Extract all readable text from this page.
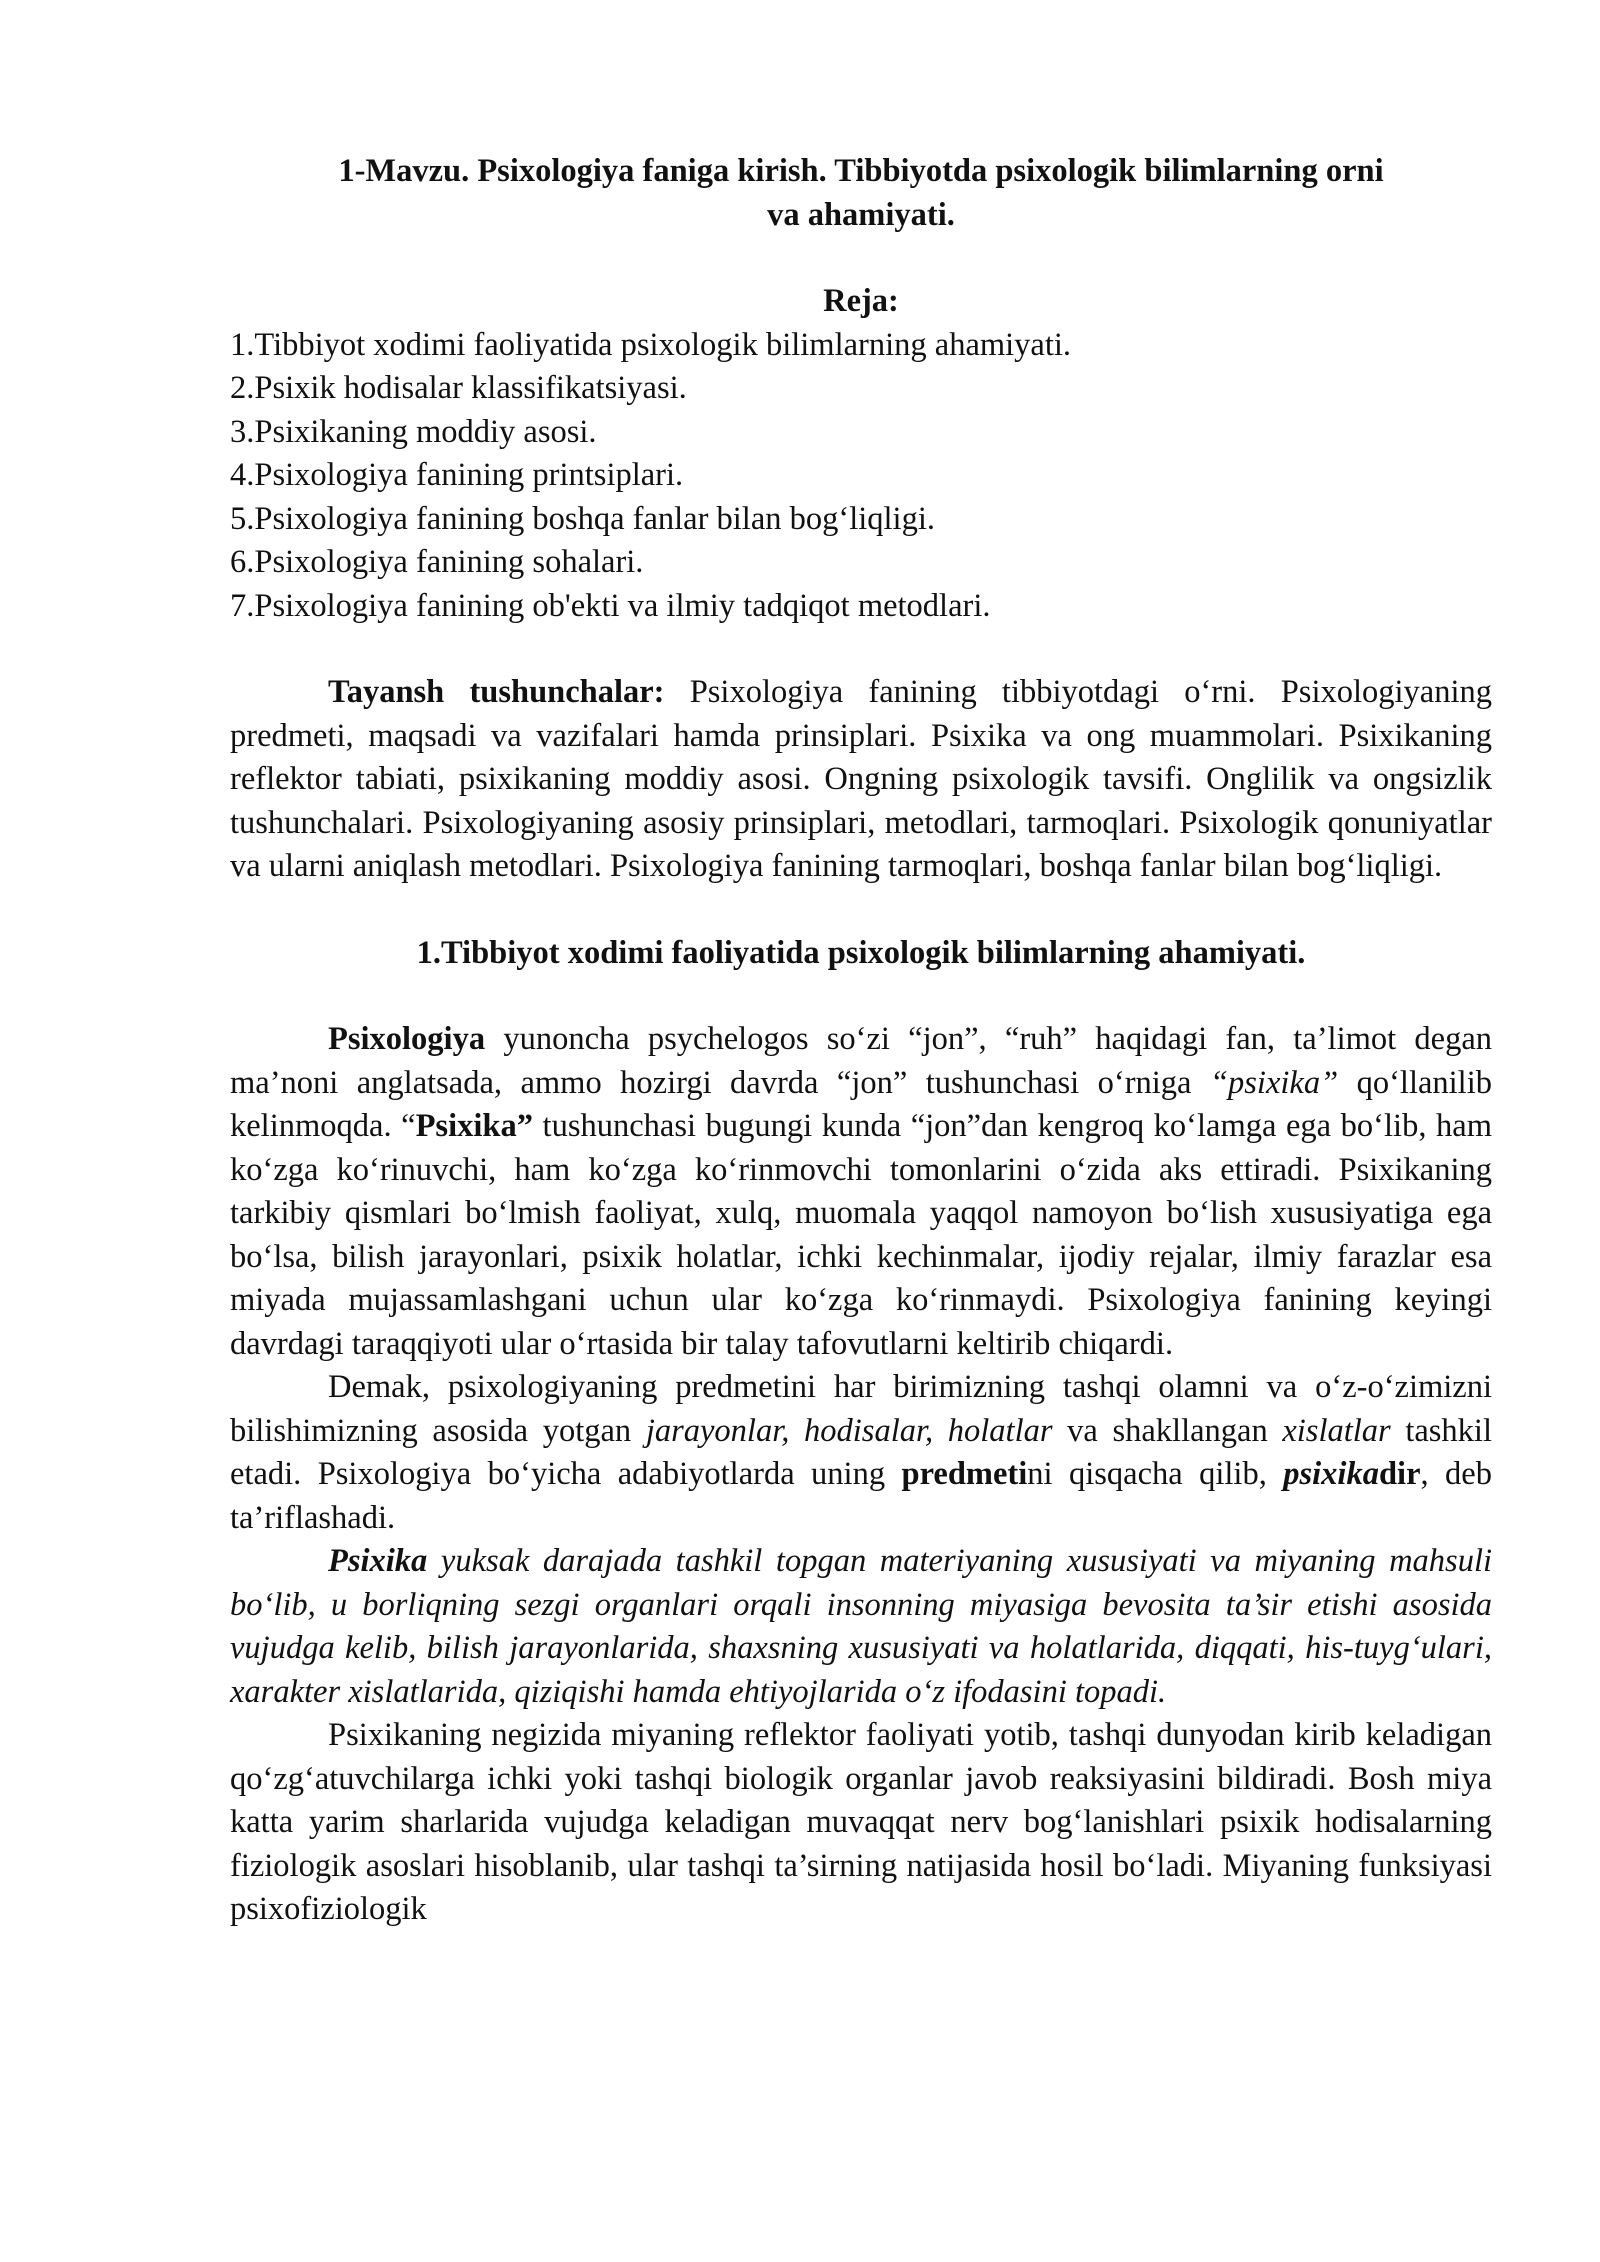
1-Mavzu. Psixologiya faniga kirish. Tibbiyotda psixologik bilimlarning orni
va ahamiyati.
Reja:
1.Tibbiyot xodimi faoliyatida psixologik bilimlarning ahamiyati.
2.Psixik hodisalar klassifikatsiyasi.
3.Psixikaning moddiy asosi.
4.Psixologiya fanining printsiplari.
5.Psixologiya fanining boshqa fanlar bilan bog‘liqligi.
6.Psixologiya fanining sohalari.
7.Psixologiya fanining ob'ekti va ilmiy tadqiqot metodlari.

Tayansh tushunchalar: Psixologiya fanining tibbiyotdagi o‘rni. Psixologiyaning predmeti, maqsadi va vazifalari hamda prinsiplari. Psixika va ong muammolari. Psixikaning reflektor tabiati, psixikaning moddiy asosi. Ongning psixologik tavsifi. Onglilik va ongsizlik tushunchalari. Psixologiyaning asosiy prinsiplari, metodlari, tarmoqlari. Psixologik qonuniyatlar va ularni aniqlash metodlari. Psixologiya fanining tarmoqlari, boshqa fanlar bilan bog‘liqligi.

1.Tibbiyot xodimi faoliyatida psixologik bilimlarning ahamiyati.

Psixologiya yunoncha psychelogos so‘zi “jon”, “ruh” haqidagi fan, ta’limot degan ma’noni anglatsada, ammo hozirgi davrda “jon” tushunchasi o‘rniga “psixika” qo‘llanilib kelinmoqda. “Psixika” tushunchasi bugungi kunda “jon”dan kengroq ko‘lamga ega bo‘lib, ham ko‘zga ko‘rinuvchi, ham ko‘zga ko‘rinmovchi tomonlarini o‘zida aks ettiradi. Psixikaning tarkibiy qismlari bo‘lmish faoliyat, xulq, muomala yaqqol namoyon bo‘lish xususiyatiga ega bo‘lsa, bilish jarayonlari, psixik holatlar, ichki kechinmalar, ijodiy rejalar, ilmiy farazlar esa miyada mujassamlashgani uchun ular ko‘zga ko‘rinmaydi. Psixologiya fanining keyingi davrdagi taraqqiyoti ular o‘rtasida bir talay tafovutlarni keltirib chiqardi.

Demak, psixologiyaning predmetini har birimizning tashqi olamni va o‘z-o‘zimizni bilishimizning asosida yotgan jarayonlar, hodisalar, holatlar va shakllangan xislatlar tashkil etadi. Psixologiya bo‘yicha adabiyotlarda uning predmetini qisqacha qilib, psixikadir, deb ta’riflashadi.

Psixika yuksak darajada tashkil topgan materiyaning xususiyati va miyaning mahsuli bo‘lib, u borliqning sezgi organlari orqali insonning miyasiga bevosita ta’sir etishi asosida vujudga kelib, bilish jarayonlarida, shaxsning xususiyati va holatlarida, diqqati, his-tuyg‘ulari, xarakter xislatlarida, qiziqishi hamda ehtiyojlarida o‘z ifodasini topadi.

Psixikaning negizida miyaning reflektor faoliyati yotib, tashqi dunyodan kirib keladigan qo‘zg‘atuvchilarga ichki yoki tashqi biologik organlar javob reaksiyasini bildiradi. Bosh miya katta yarim sharlarida vujudga keladigan muvaqqat nerv bog‘lanishlari psixik hodisalarning fiziologik asoslari hisoblanib, ular tashqi ta’sirning natijasida hosil bo‘ladi. Miyaning funksiyasi psixofiziologik
